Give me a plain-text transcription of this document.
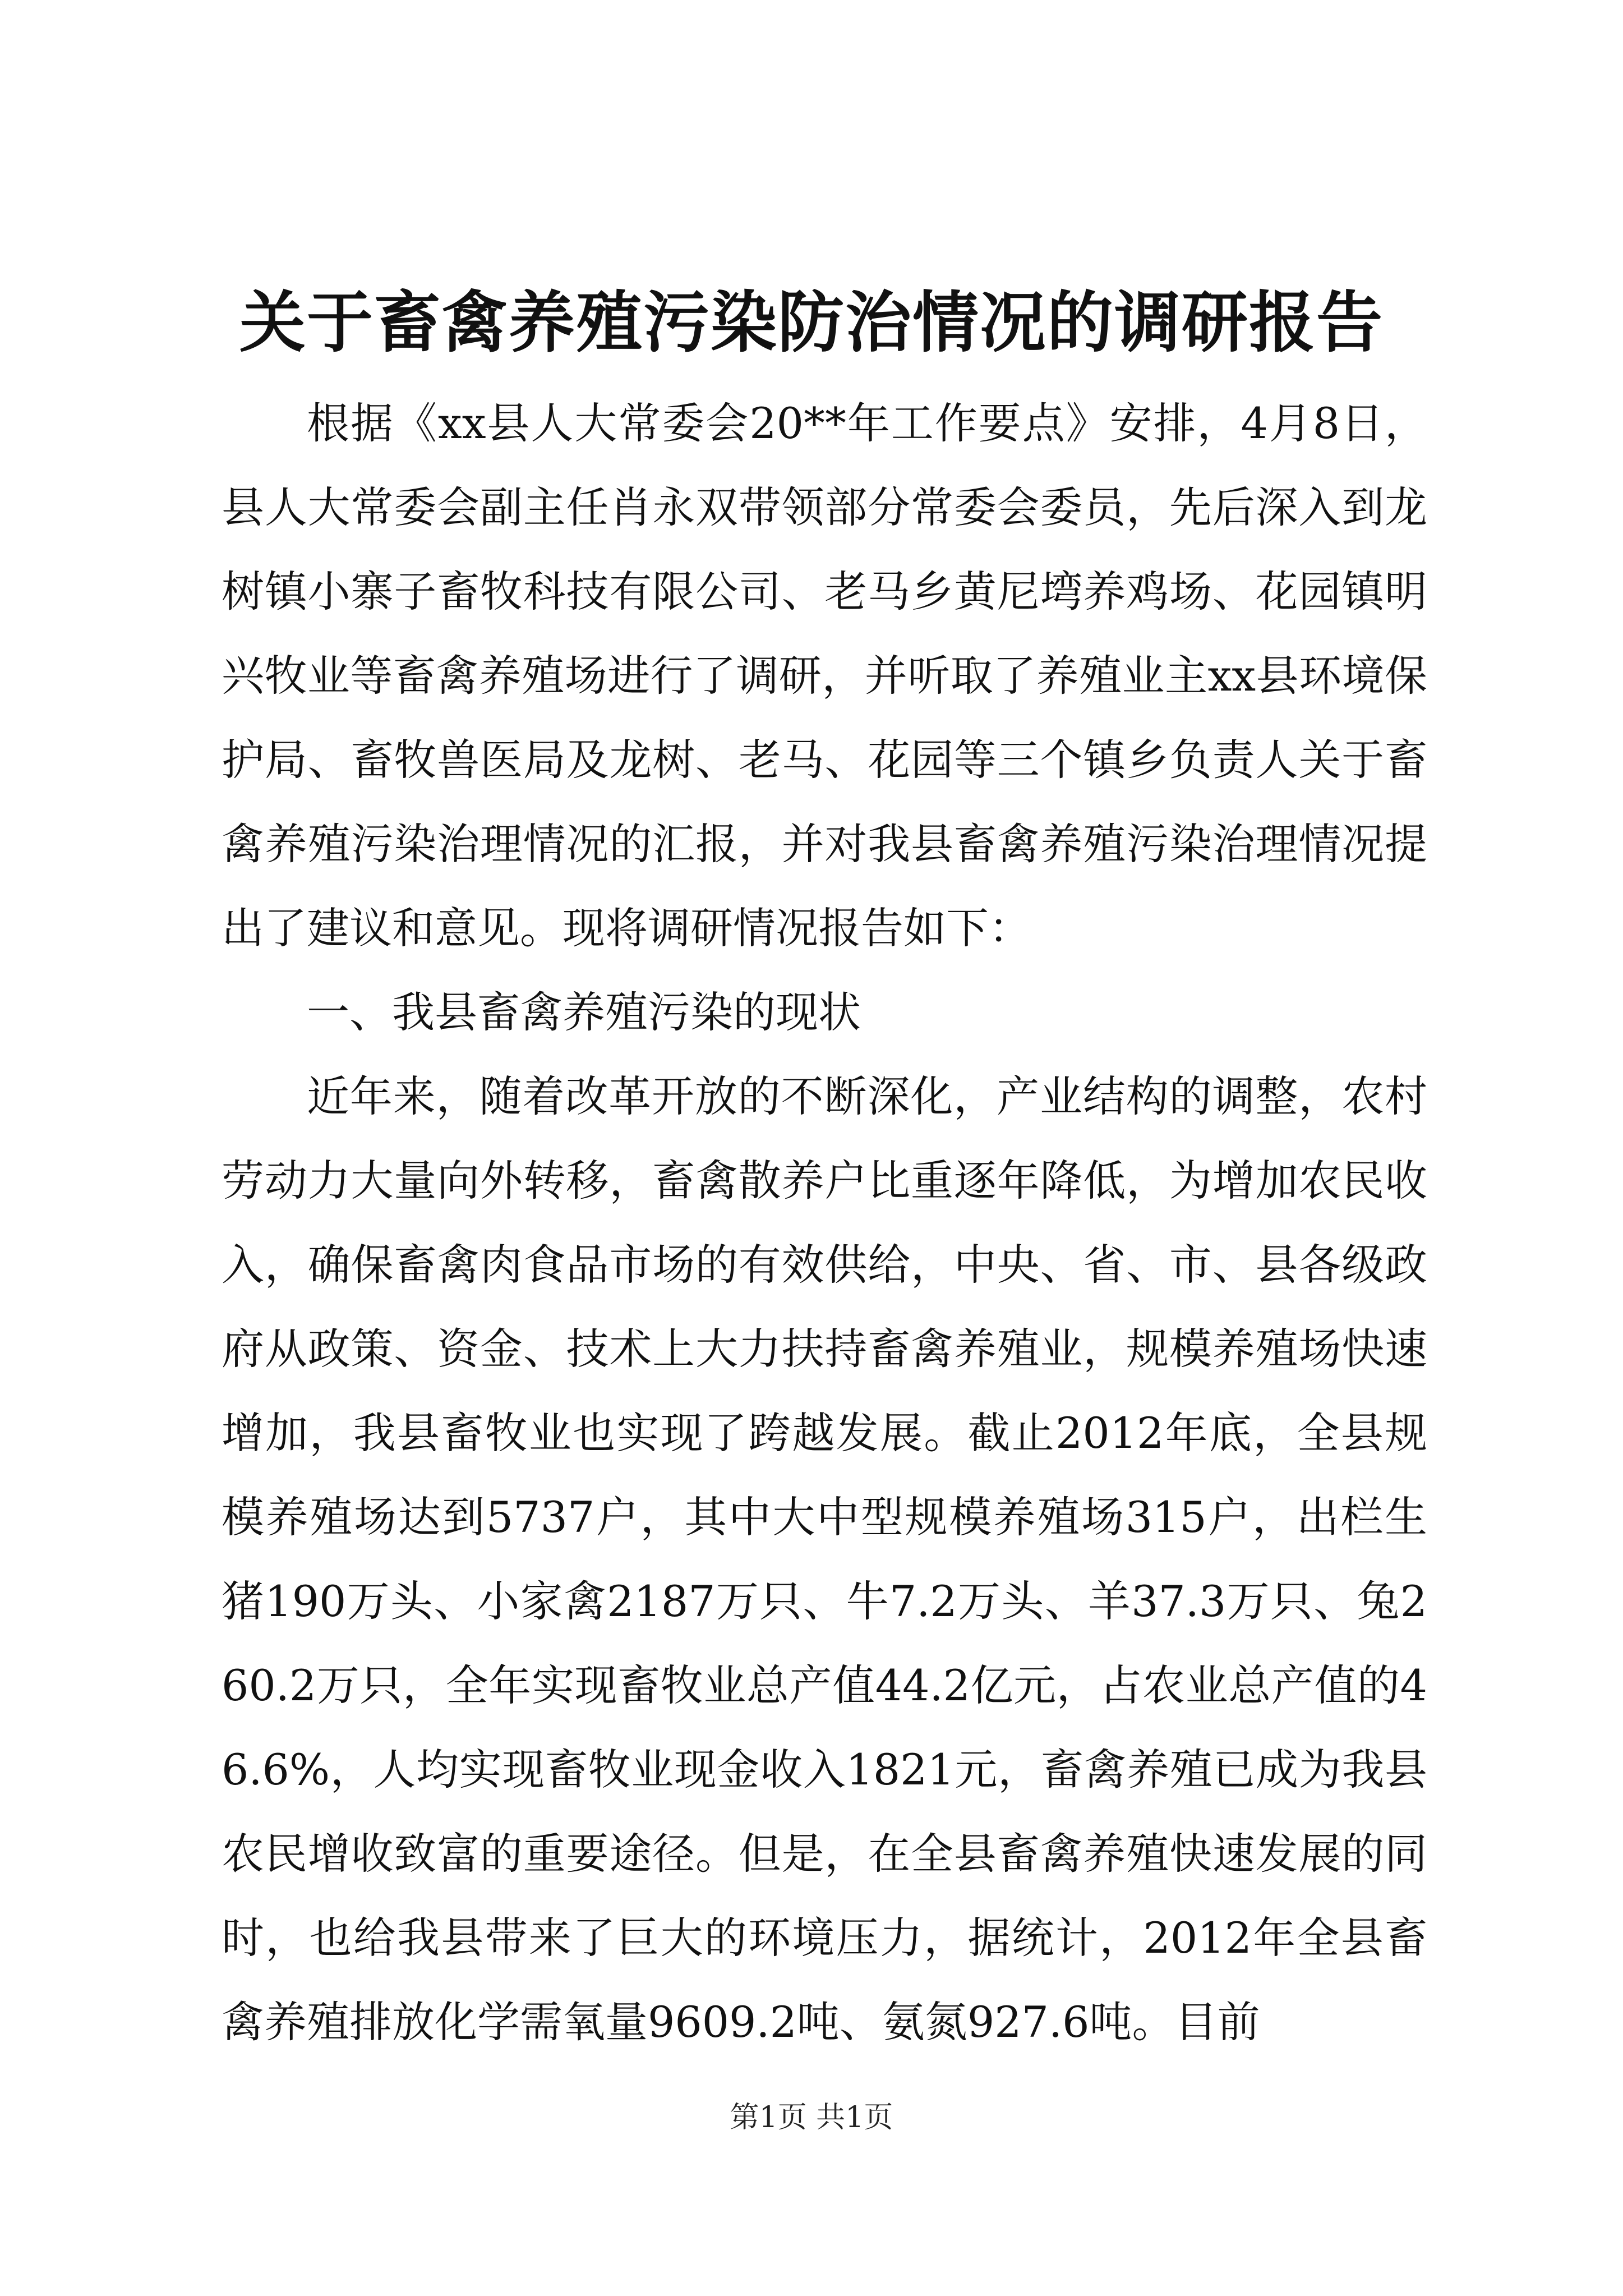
关于畜禽养殖污染防治情况的调研报告

根据《xx县人大常委会20**年工作要点》安排，4月8日，县人大常委会副主任肖永双带领部分常委会委员，先后深入到龙树镇小寨子畜牧科技有限公司、老马乡黄尼塆养鸡场、花园镇明兴牧业等畜禽养殖场进行了调研，并听取了养殖业主xx县环境保护局、畜牧兽医局及龙树、老马、花园等三个镇乡负责人关于畜禽养殖污染治理情况的汇报，并对我县畜禽养殖污染治理情况提出了建议和意见。现将调研情况报告如下：

一、我县畜禽养殖污染的现状

近年来，随着改革开放的不断深化，产业结构的调整，农村劳动力大量向外转移，畜禽散养户比重逐年降低，为增加农民收入，确保畜禽肉食品市场的有效供给，中央、省、市、县各级政府从政策、资金、技术上大力扶持畜禽养殖业，规模养殖场快速增加，我县畜牧业也实现了跨越发展。截止2012年底，全县规模养殖场达到5737户，其中大中型规模养殖场315户，出栏生猪190万头、小家禽2187万只、牛7.2万头、羊37.3万只、兔260.2万只，全年实现畜牧业总产值44.2亿元，占农业总产值的46.6%，人均实现畜牧业现金收入1821元，畜禽养殖已成为我县农民增收致富的重要途径。但是，在全县畜禽养殖快速发展的同时，也给我县带来了巨大的环境压力，据统计，2012年全县畜禽养殖排放化学需氧量9609.2吨、氨氮927.6吨。目前

第1页 共1页
